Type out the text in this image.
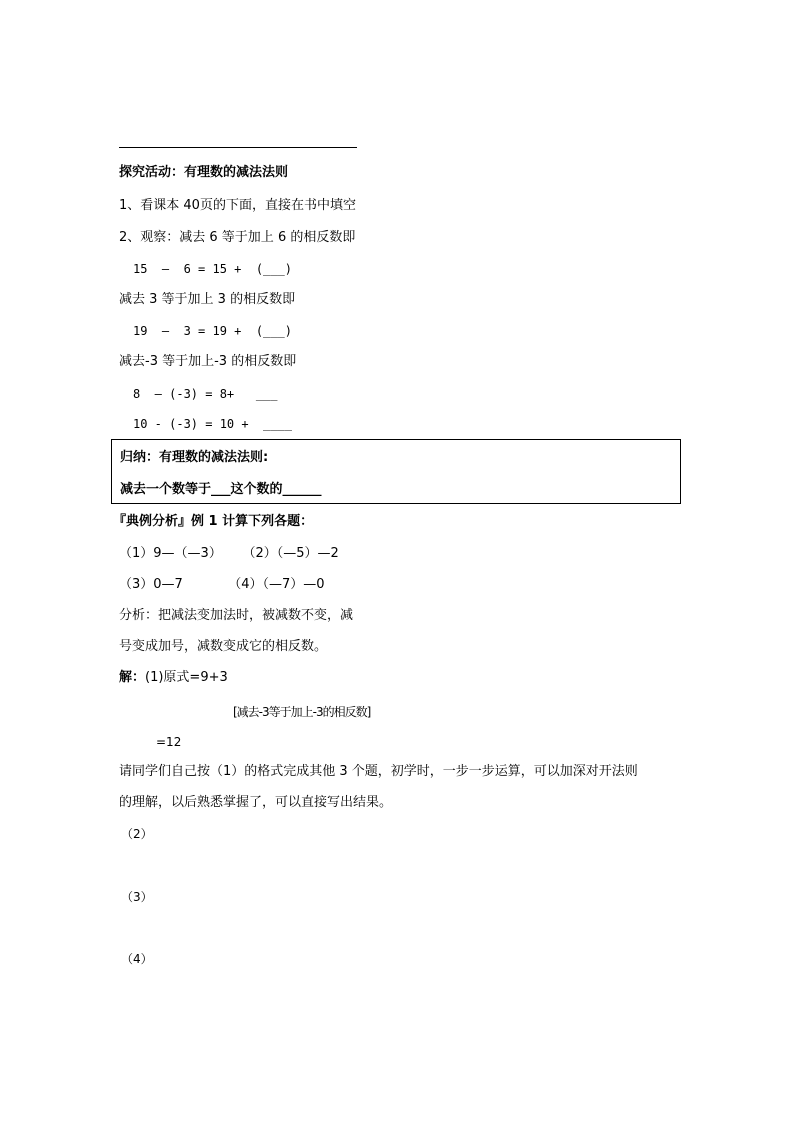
探究活动：有理数的减法法则
1、看课本 40页的下面，直接在书中填空
2、观察：减去 6 等于加上 6 的相反数即
15  –  6 = 15 +  (___)
减去 3 等于加上 3 的相反数即
19  –  3 = 19 +  (___)
减去-3 等于加上-3 的相反数即
8  — (-3) = 8+   ___
10 - (-3) = 10 +  ____
归纳：有理数的减法法则:
减去一个数等于___这个数的______
『典例分析』例 1 计算下列各题：
（1）9—（—3）     （2）（—5）—2
（3）0—7           （4）（—7）—0
分析：把减法变加法时，被减数不变，减
号变成加号，减数变成它的相反数。
解：(1)原式=9+3
[减去-3等于加上-3的相反数]
=12
请同学们自己按（1）的格式完成其他 3 个题，初学时，一步一步运算，可以加深对开法则
的理解，以后熟悉掌握了，可以直接写出结果。
（2）
（3）
（4）
